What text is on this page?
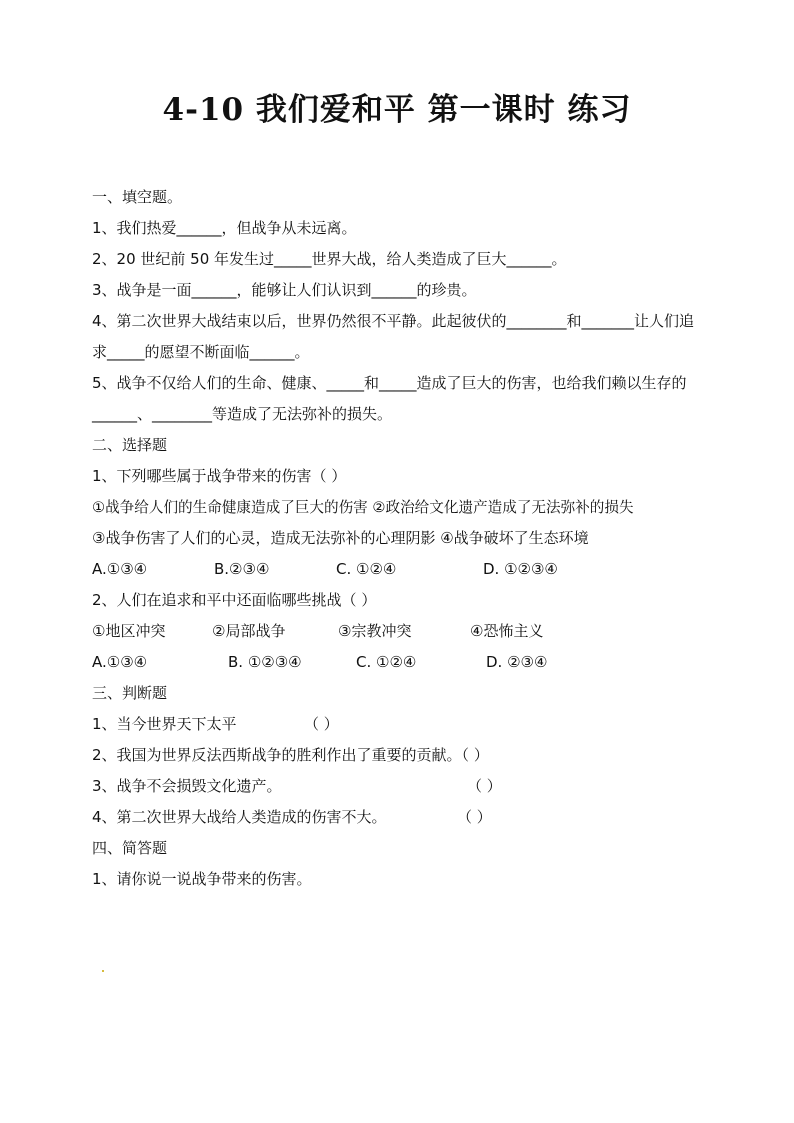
4-10 我们爱和平 第一课时 练习
一、填空题。
1、我们热爱______，但战争从未远离。
2、20 世纪前 50 年发生过_____世界大战，给人类造成了巨大______。
3、战争是一面______，能够让人们认识到______的珍贵。
4、第二次世界大战结束以后，世界仍然很不平静。此起彼伏的________和_______让人们追求_____的愿望不断面临______。
5、战争不仅给人们的生命、健康、_____和_____造成了巨大的伤害，也给我们赖以生存的______、________等造成了无法弥补的损失。
二、选择题
1、下列哪些属于战争带来的伤害（ ）
①战争给人们的生命健康造成了巨大的伤害 ②政治给文化遗产造成了无法弥补的损失
③战争伤害了人们的心灵，造成无法弥补的心理阴影 ④战争破坏了生态环境
A.①③④	B.②③④	C. ①②④	D. ①②③④
2、人们在追求和平中还面临哪些挑战（ ）
①地区冲突	②局部战争	③宗教冲突	④恐怖主义
A.①③④	B. ①②③④	C. ①②④	D. ②③④
三、判断题
1、当今世界天下太平	（ ）
2、我国为世界反法西斯战争的胜利作出了重要的贡献。（ ）
3、战争不会损毁文化遗产。	（ ）
4、第二次世界大战给人类造成的伤害不大。	（ ）
四、简答题
1、请你说一说战争带来的伤害。
